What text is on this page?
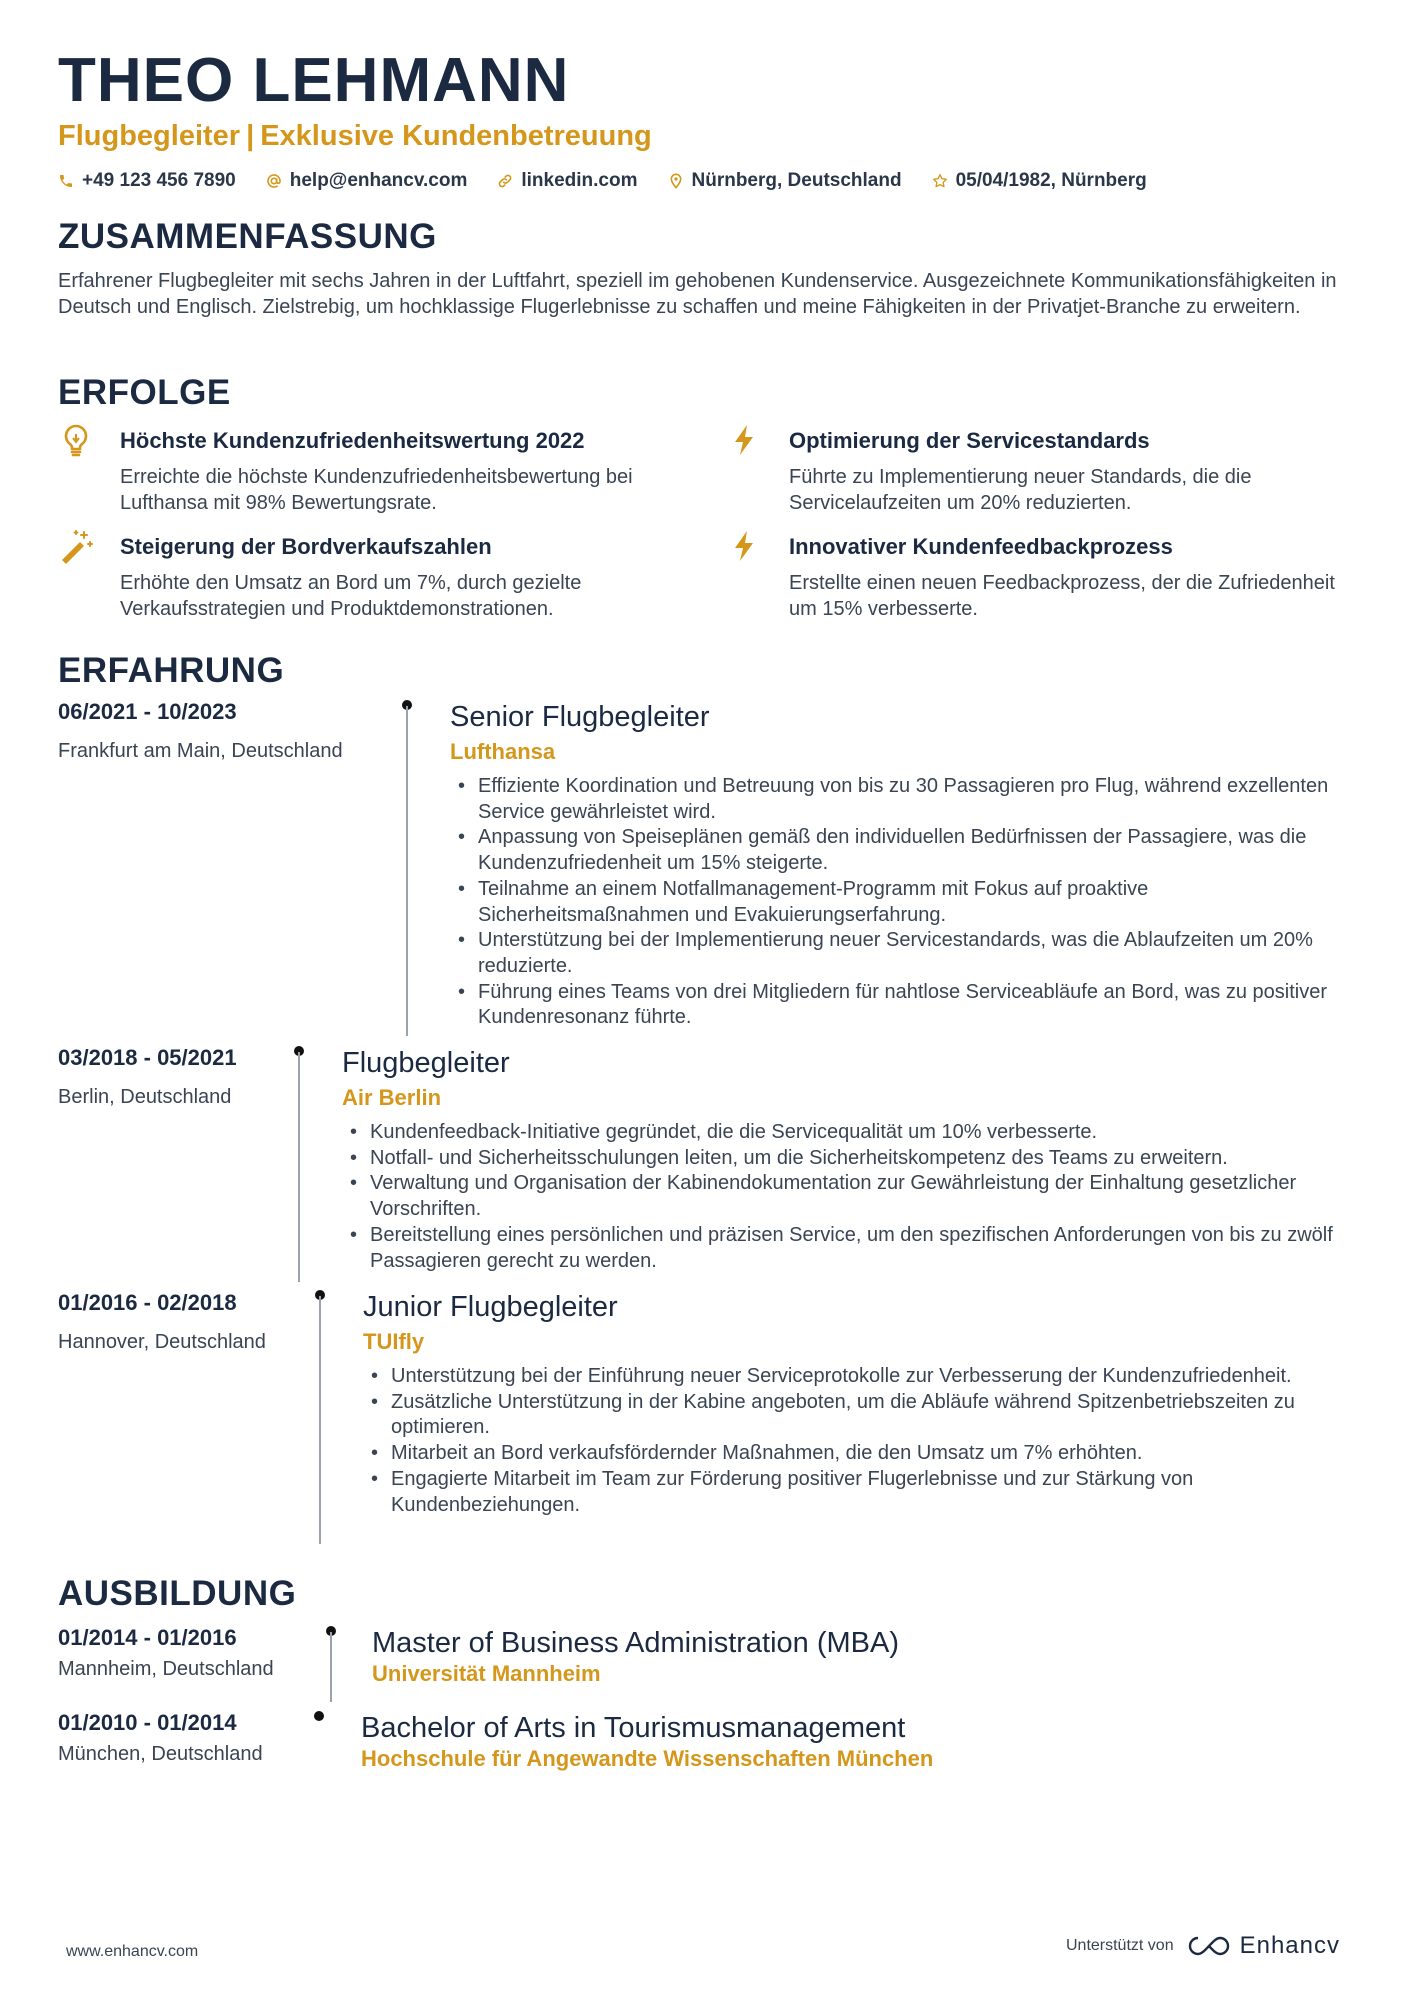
THEO LEHMANN
Flugbegleiter | Exklusive Kundenbetreuung
+49 123 456 7890	help@enhancv.com	linkedin.com	Nürnberg, Deutschland	05/04/1982, Nürnberg
ZUSAMMENFASSUNG
Erfahrener Flugbegleiter mit sechs Jahren in der Luftfahrt, speziell im gehobenen Kundenservice. Ausgezeichnete Kommunikationsfähigkeiten in Deutsch und Englisch. Zielstrebig, um hochklassige Flugerlebnisse zu schaffen und meine Fähigkeiten in der Privatjet-Branche zu erweitern.
ERFOLGE
Höchste Kundenzufriedenheitswertung 2022
Erreichte die höchste Kundenzufriedenheitsbewertung bei Lufthansa mit 98% Bewertungsrate.
Optimierung der Servicestandards
Führte zu Implementierung neuer Standards, die die Servicelaufzeiten um 20% reduzierten.
Steigerung der Bordverkaufszahlen
Erhöhte den Umsatz an Bord um 7%, durch gezielte Verkaufsstrategien und Produktdemonstrationen.
Innovativer Kundenfeedbackprozess
Erstellte einen neuen Feedbackprozess, der die Zufriedenheit um 15% verbesserte.
ERFAHRUNG
06/2021 - 10/2023
Frankfurt am Main, Deutschland
Senior Flugbegleiter
Lufthansa
• Effiziente Koordination und Betreuung von bis zu 30 Passagieren pro Flug, während exzellenten Service gewährleistet wird.
• Anpassung von Speiseplänen gemäß den individuellen Bedürfnissen der Passagiere, was die Kundenzufriedenheit um 15% steigerte.
• Teilnahme an einem Notfallmanagement-Programm mit Fokus auf proaktive Sicherheitsmaßnahmen und Evakuierungserfahrung.
• Unterstützung bei der Implementierung neuer Servicestandards, was die Ablaufzeiten um 20% reduzierte.
• Führung eines Teams von drei Mitgliedern für nahtlose Serviceabläufe an Bord, was zu positiver Kundenresonanz führte.
03/2018 - 05/2021
Berlin, Deutschland
Flugbegleiter
Air Berlin
• Kundenfeedback-Initiative gegründet, die die Servicequalität um 10% verbesserte.
• Notfall- und Sicherheitsschulungen leiten, um die Sicherheitskompetenz des Teams zu erweitern.
• Verwaltung und Organisation der Kabinendokumentation zur Gewährleistung der Einhaltung gesetzlicher Vorschriften.
• Bereitstellung eines persönlichen und präzisen Service, um den spezifischen Anforderungen von bis zu zwölf Passagieren gerecht zu werden.
01/2016 - 02/2018
Hannover, Deutschland
Junior Flugbegleiter
TUIfly
• Unterstützung bei der Einführung neuer Serviceprotokolle zur Verbesserung der Kundenzufriedenheit.
• Zusätzliche Unterstützung in der Kabine angeboten, um die Abläufe während Spitzenbetriebszeiten zu optimieren.
• Mitarbeit an Bord verkaufsfördernder Maßnahmen, die den Umsatz um 7% erhöhten.
• Engagierte Mitarbeit im Team zur Förderung positiver Flugerlebnisse und zur Stärkung von Kundenbeziehungen.
AUSBILDUNG
01/2014 - 01/2016
Mannheim, Deutschland
Master of Business Administration (MBA)
Universität Mannheim
01/2010 - 01/2014
München, Deutschland
Bachelor of Arts in Tourismusmanagement
Hochschule für Angewandte Wissenschaften München
www.enhancv.com	Unterstützt von	Enhancv
